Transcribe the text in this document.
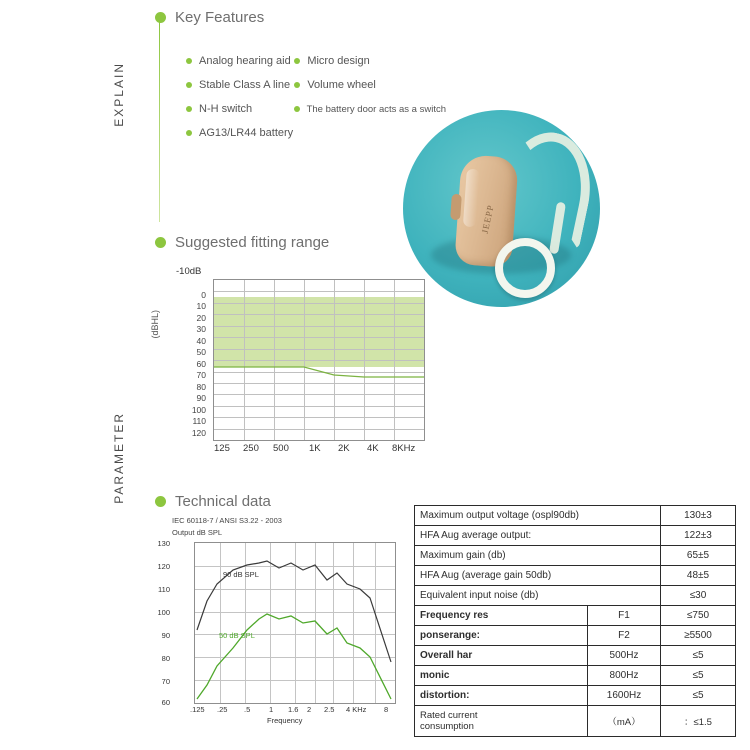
EXPLAIN
PARAMETER
Key Features
Analog hearing aid Micro design
Stable Class A line Volume wheel
N-H switch	The battery door acts as a switch
AG13/LR44 battery
JEEPP
Suggested fitting range
-10dB
(dBHL)
0
10
20
30
40
50
60
70
80
90
100
110
120
125 250 500 1K 2K 4K 8KHz
Technical data
IEC 60118-7 / ANSI S3.22 - 2003
Output dB SPL
90 dB SPL
50 dB SPL
130
120
110
100
90
80
70
60
.125 .25 .5 1 1.6 2 2.5 4 KHz 8
Frequency
Maximum output voltage (ospl90db)		130±3
HFA Aug average output:		122±3
Maximum gain (db)		65±5
HFA Aug (average gain 50db)		48±5
Equivalent input noise (db)		≤30
Frequency res	F1	≤750
ponserange:	F2	≥5500
Overall har	500Hz	≤5
monic	800Hz	≤5
distortion:	1600Hz	≤5
Rated current
consumption	（mA）	：≤1.5
